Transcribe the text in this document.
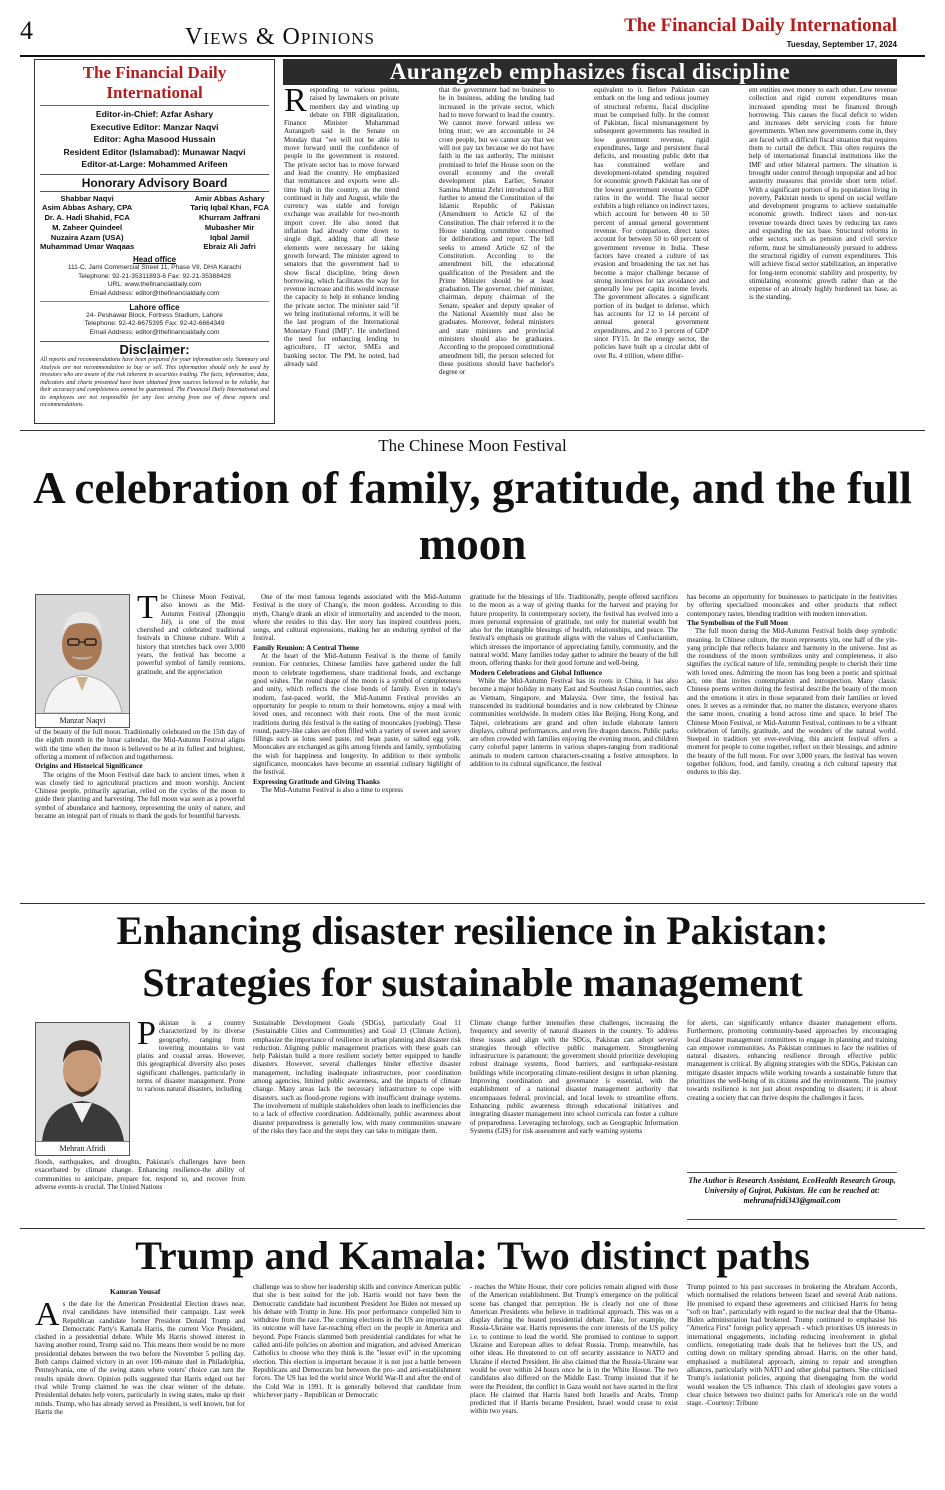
4	Views & Opinions	The Financial Daily International
Tuesday, September 17, 2024
The Financial Daily International
Editor-in-Chief: Azfar Ashary
Executive Editor: Manzar Naqvi
Editor: Agha Masood Hussain
Resident Editor (Islamabad): Munawar Naqvi
Editor-at-Large: Mohammed Arifeen
Honorary Advisory Board
Shabbar Naqvi
Asim Abbas Ashary, CPA
Dr. A. Hadi Shahid, FCA
M. Zaheer Quindeel
Nuzaira Azam (USA)
Muhammad Umar Waqaas
Amir Abbas Ashary
Tariq Iqbal Khan, FCA
Khurram Jaffrani
Mubasher Mir
Iqbal Jamil
Ebraiz Ali Jafri
Head office
111-C, Jami Commercial Street 11, Phase VII, DHA Karachi
Telephone: 92-21-35311893-6 Fax: 92-21-35388428
URL: www.thefinancialdaily.com
Email Address: editor@thefinancialdaily.com
Lahore office
24- Peshawar Block, Fortress Stadium, Lahore
Telephone: 92-42-6675395 Fax: 92-42-6664349
Email Address: editor@thefinancialdaily.com
Disclaimer:
All reports and recommendations have been prepared for your information only. Summary and Analysis are not recommendation to buy or sell. This information should only be used by investors who are aware of the risk inherent in securities trading. The facts, information, data, indicators and charts presented have been obtained from sources believed to be reliable, but their accuracy and completeness cannot be guaranteed. The Financial Daily International and its employees are not responsible for any loss arising from use of these reports and recommendations.
Aurangzeb emphasizes fiscal discipline
R esponding to various points, raised by lawmakers on private members day and winding up debate on FBR digitalization, Finance Minister Muhammad Aurangzeb said in the Senate on Monday that "we will not be able to move forward until the confidence of people in the government is restored. The private sector has to move forward and lead the country. He emphasized that remittances and exports were all-time high in the country, as the trend continued in July and August, while the currency was stable and foreign exchange was available for two-month import cover. He also noted that inflation had already come down to single digit, adding that all these elements were necessary for taking growth forward. The minister agreed to senators that the government had to show fiscal discipline, bring down borrowing, which facilitates the way for revenue increase and this would increase the capacity to help in enhance lending the private sector. The minister said "if we bring institutional reforms, it will be the last program of the International Monetary Fund (IMF)". He underlined the need for enhancing lending to agriculture, IT sector, SMEs and banking sector. The PM, he noted, had already said

that the government had no business to be in business, adding the lending had increased in the private sector, which had to move forward to lead the country. We cannot move forward unless we bring trust; we are accountable to 24 crore people, but we cannot say that we will not pay tax because we do not have faith in the tax authority, The minister promised to brief the House soon on the overall economy and the overall development plan. Earlier, Senator Samina Mumtaz Zehri introduced a Bill further to amend the Constitution of the Islamic Republic of Pakistan (Amendment to Article 62 of the Constitution. The chair referred it to the House standing committee concerned for deliberations and report. The bill seeks to amend Article 62 of the Constitution. According to the amendment bill, the educational qualification of the President and the Prime Minister should be at least graduation. The governor, chief minister, chairman, deputy chairman of the Senate, speaker and deputy speaker of the National Assembly must also be graduates. Moreover, federal ministers and state ministers and provincial ministers should also be graduates. According to the proposed constitutional amendment bill, the person selected for these positions should have bachelor's degree or

equivalent to it. Before Pakistan can embark on the long and tedious journey of structural reforms, fiscal discipline must be comprised fully. In the context of Pakistan, fiscal mismanagement by subsequent governments has resulted in low government revenue, rigid expenditures, large and persistent fiscal deficits, and mounting public debt that has constrained welfare and development-related spending required for economic growth Pakistan has one of the lowest government revenue to GDP ratios in the world. The fiscal sector exhibits a high reliance on indirect taxes, which account for between 40 to 50 percent of annual general government revenue. For comparison, direct taxes account for between 50 to 60 percent of government revenue in India. These factors have created a culture of tax evasion and broadening the tax net has become a major challenge because of strong incentives for tax avoidance and generally low per capita income levels. The government allocates a significant portion of its budget to defense, which has accounts for 12 to 14 percent of annual general government expenditures, and 2 to 3 percent of GDP since FY15. In the energy sector, the policies have built up a circular debt of over Rs. 4 trillion, where differ-

ent entities owe money to each other. Low revenue collection and rigid current expenditures mean increased spending must be financed through borrowing. This causes the fiscal deficit to widen and increases debt servicing costs for future governments. When new governments come in, they are faced with a difficult fiscal situation that requires them to curtail the deficit. This often requires the help of international financial institutions like the IMF and other bilateral partners. The situation is brought under control through unpopular and ad hoc austerity measures that provide short term relief. With a significant portion of its population living in poverty, Pakistan needs to spend on social welfare and development programs to achieve sustainable economic growth. Indirect taxes and non-tax revenue towards direct taxes by reducing tax rates and expanding the tax base. Structural reforms in other sectors, such as pension and civil service reform, must be simultaneously pursued to address the structural rigidity of current expenditures. This will achieve fiscal sector stabilization, an imperative for long-term economic stability and prosperity, by stimulating economic growth rather than at the expense of an already highly burdened tax base, as is the standing.

The Chinese Moon Festival
A celebration of family, gratitude, and the full moon
Manzar Naqvi
T he Chinese Moon Festival, also known as the Mid-Autumn Festival (Zhongqiu Jié), is one of the most cherished and celebrated traditional festivals in Chinese culture. With a history that stretches back over 3,000 years, the festival has become a powerful symbol of family reunions, gratitude, and the appreciation

of the beauty of the full moon. Traditionally celebrated on the 15th day of the eighth month in the lunar calendar, the Mid-Autumn Festival aligns with the time when the moon is believed to be at its fullest and brightest, offering a moment of reflection and togetherness.

Origins and Historical Significance

The origins of the Moon Festival date back to ancient times, when it was closely tied to agricultural practices and moon worship. Ancient Chinese people, primarily agrarian, relied on the cycles of the moon to guide their planting and harvesting. The full moon was seen as a powerful symbol of abundance and harmony, representing the unity of nature, and became an integral part of rituals to thank the gods for bountiful harvests.

One of the most famous legends associated with the Mid-Autumn Festival is the story of Chang'e, the moon goddess. According to this myth, Chang'e drank an elixir of immortality and ascended to the moon, where she resides to this day. Her story has inspired countless poets, songs, and cultural expressions, making her an enduring symbol of the festival.

Family Reunion: A Central Theme

At the heart of the Mid-Autumn Festival is the theme of family reunion. For centuries, Chinese families have gathered under the full moon to celebrate togetherness, share traditional foods, and exchange good wishes. The round shape of the moon is a symbol of completeness and unity, which reflects the close bonds of family. Even in today's modern, fast-paced world, the Mid-Autumn Festival provides an opportunity for people to return to their hometowns, enjoy a meal with loved ones, and reconnect with their roots. One of the most iconic traditions during this festival is the eating of mooncakes (yuebing). These round, pastry-like cakes are often filled with a variety of sweet and savory fillings such as lotus seed paste, red bean paste, or salted egg yolk. Mooncakes are exchanged as gifts among friends and family, symbolizing the wish for happiness and longevity. In addition to their symbolic significance, mooncakes have become an essential culinary highlight of the festival.

Expressing Gratitude and Giving Thanks

The Mid-Autumn Festival is also a time to express

gratitude for the blessings of life. Traditionally, people offered sacrifices to the moon as a way of giving thanks for the harvest and praying for future prosperity. In contemporary society, the festival has evolved into a more personal expression of gratitude, not only for material wealth but also for the intangible blessings of health, relationships, and peace. The festival's emphasis on gratitude aligns with the values of Confucianism, which stresses the importance of appreciating family, community, and the natural world. Many families today gather to admire the beauty of the full moon, offering thanks for their good fortune and well-being.

Modern Celebrations and Global Influence

While the Mid-Autumn Festival has its roots in China, it has also become a major holiday in many East and Southeast Asian countries, such as Vietnam, Singapore, and Malaysia. Over time, the festival has transcended its traditional boundaries and is now celebrated by Chinese communities worldwide. In modern cities like Beijing, Hong Kong, and Taipei, celebrations are grand and often include elaborate lantern displays, cultural performances, and even fire dragon dances. Public parks are often crowded with families enjoying the evening moon, and children carry colorful paper lanterns in various shapes-ranging from traditional animals to modern cartoon characters-creating a festive atmosphere. In addition to its cultural significance, the festival

has become an opportunity for businesses to participate in the festivities by offering specialized mooncakes and other products that reflect contemporary tastes, blending tradition with modern innovation.

The Symbolism of the Full Moon

The full moon during the Mid-Autumn Festival holds deep symbolic meaning. In Chinese culture, the moon represents yin, one half of the yin-yang principle that reflects balance and harmony in the universe. Just as the roundness of the moon symbolizes unity and completeness, it also signifies the cyclical nature of life, reminding people to cherish their time with loved ones. Admiring the moon has long been a poetic and spiritual act, one that invites contemplation and introspection. Many classic Chinese poems written during the festival describe the beauty of the moon and the emotions it stirs in those separated from their families or loved ones. It serves as a reminder that, no matter the distance, everyone shares the same moon, creating a bond across time and space. In brief The Chinese Moon Festival, or Mid-Autumn Festival, continues to be a vibrant celebration of family, gratitude, and the wonders of the natural world. Steeped in tradition yet ever-evolving, this ancient festival offers a moment for people to come together, reflect on their blessings, and admire the beauty of the full moon. For over 3,000 years, the festival has woven together folklore, food, and family, creating a rich cultural tapestry that endures to this day.

Enhancing disaster resilience in Pakistan: Strategies for sustainable management
Mehran Afridi
P akistan is a country characterized by its diverse geography, ranging from towering mountains to vast plains and coastal areas. However, this geographical diversity also poses significant challenges, particularly in terms of disaster management. Prone to various natural disasters, including

floods, earthquakes, and droughts, Pakistan's challenges have been exacerbated by climate change. Enhancing resilience-the ability of communities to anticipate, prepare for, respond to, and recover from adverse events-is crucial. The United Nations

Sustainable Development Goals (SDGs), particularly Goal 11 (Sustainable Cities and Communities) and Goal 13 (Climate Action), emphasize the importance of resilience in urban planning and disaster risk reduction. Aligning public management practices with these goals can help Pakistan build a more resilient society better equipped to handle disasters. However, several challenges hinder effective disaster management, including inadequate infrastructure, poor coordination among agencies, limited public awareness, and the impacts of climate change. Many areas lack the necessary infrastructure to cope with disasters, such as flood-prone regions with insufficient drainage systems. The involvement of multiple stakeholders often leads to inefficiencies due to a lack of effective coordination. Additionally, public awareness about disaster preparedness is generally low, with many communities unaware of the risks they face and the steps they can take to mitigate them.

Climate change further intensifies these challenges, increasing the frequency and severity of natural disasters in the country. To address these issues and align with the SDGs, Pakistan can adopt several strategies through effective public management. Strengthening infrastructure is paramount; the government should prioritize developing robust drainage systems, flood barriers, and earthquake-resistant buildings while incorporating climate-resilient designs in urban planning. Improving coordination and governance is essential, with the establishment of a national disaster management authority that encompasses federal, provincial, and local levels to streamline efforts. Enhancing public awareness through educational initiatives and integrating disaster management into school curricula can foster a culture of preparedness. Leveraging technology, such as Geographic Information Systems (GIS) for risk assessment and early warning systems

for alerts, can significantly enhance disaster management efforts. Furthermore, promoting community-based approaches by encouraging local disaster management committees to engage in planning and training can empower communities. As Pakistan continues to face the realities of natural disasters, enhancing resilience through effective public management is critical. By aligning strategies with the SDGs, Pakistan can mitigate disaster impacts while working towards a sustainable future that prioritizes the well-being of its citizens and the environment. The journey towards resilience is not just about responding to disasters; it is about creating a society that can thrive despite the challenges it faces.

The Author is Research Assistant, EcoHealth Research Group, University of Gujrat, Pakistan. He can be reached at: mehranafridi343@gmail.com
Trump and Kamala: Two distinct paths
Kamran Yousaf
A s the date for the American Presidential Election draws near, rival candidates have intensified their campaign. Last week Republican candidate former President Donald Trump and Democratic Party's Kamala Harris, the current Vice President, clashed in a presidential debate. While Ms Harris showed interest in having another round, Trump said no. This means there would be no more presidential debates between the two before the November 5 polling day. Both camps claimed victory in an over 100-minute duel in Philadelphia, Pennsylvania, one of the swing states where voters' choice can turn the results upside down. Opinion polls suggested that Harris edged out her rival while Trump claimed he was the clear winner of the debate. Presidential debates help voters, particularly in swing states, make up their minds. Trump, who has already served as President, is well known, but for Harris the

challenge was to show her leadership skills and convince American public that she is best suited for the job. Harris would not have been the Democratic candidate had incumbent President Joe Biden not messed up his debate with Trump in June. His poor performance compelled him to withdraw from the race. The coming elections in the US are important as its outcome will have far-reaching effect on the people in America and beyond. Pope Francis slammed both presidential candidates for what he called anti-life policies on abortion and migration, and advised American Catholics to choose who they think is the "lesser evil" in the upcoming election. This election is important because it is not just a battle between Republicans and Democrats but between the pro- and anti-establishment forces. The US has led the world since World War-II and after the end of the Cold War in 1991. It is generally believed that candidate from whichever party - Republican or Democratic

- reaches the White House, their core policies remain aligned with those of the American establishment. But Trump's emergence on the political scene has changed that perception. He is clearly not one of those American Presidents who believe in traditional approach. This was on a display during the heated presidential debate. Take, for example, the Russia-Ukraine war. Harris represents the core interests of the US policy i.e. to continue to lead the world. She promised to continue to support Ukraine and European allies to defeat Russia. Trump, meanwhile, has other ideas. He threatened to cut off security assistance to NATO and Ukraine if elected President. He also claimed that the Russia-Ukraine war would be over within 24 hours once he is in the White House. The two candidates also differed on the Middle East. Trump insisted that if he were the President, the conflict in Gaza would not have started in the first place. He claimed that Harris hated both Israelis and Arabs. Trump predicted that if Harris became President, Israel would cease to exist within two years.

Trump pointed to his past successes in brokering the Abraham Accords, which normalised the relations between Israel and several Arab nations. He promised to expand these agreements and criticised Harris for being "soft on Iran", particularly with regard to the nuclear deal that the Obama-Biden administration had brokered. Trump continued to emphasise his "America First" foreign policy approach - which prioritises US interests in international engagements, including reducing involvement in global conflicts, renegotiating trade deals that he believes hurt the US, and cutting down on military spending abroad. Harris, on the other hand, emphasised a multilateral approach, aiming to repair and strengthen alliances, particularly with NATO and other global partners. She criticised Trump's isolationist policies, arguing that disengaging from the world would weaken the US influence. This clash of ideologies gave voters a clear choice between two distinct paths for America's role on the world stage. -Courtesy: Tribune
